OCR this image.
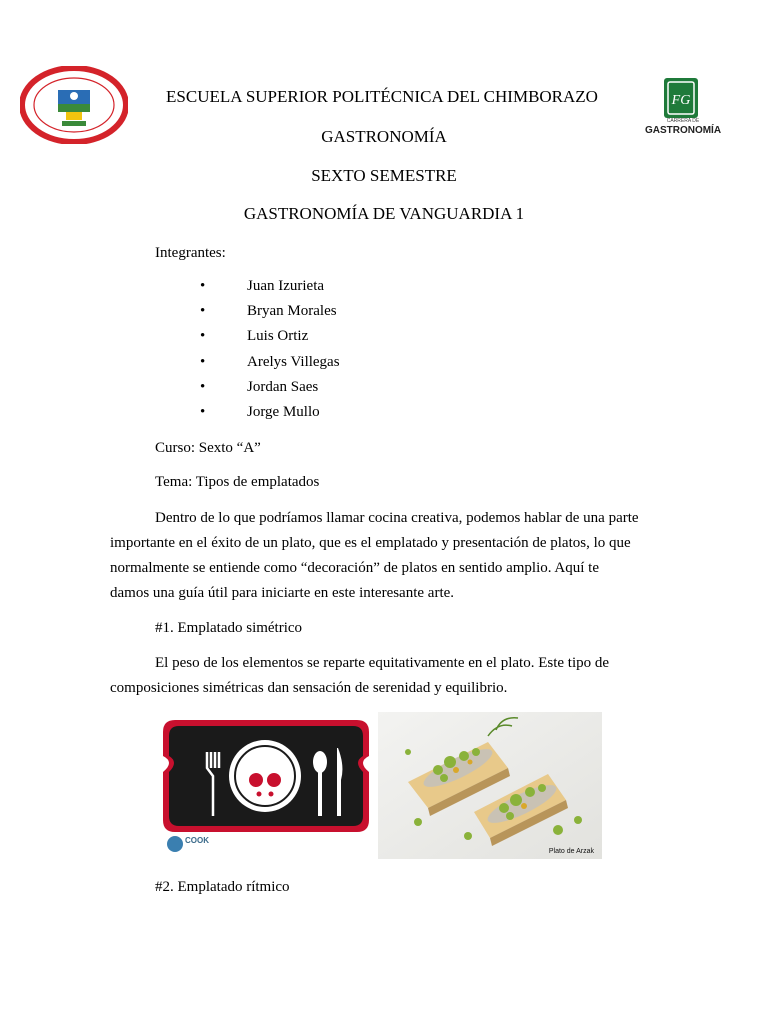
FG
CARRERA DE
GASTRONOMÍA
ESCUELA SUPERIOR POLITÉCNICA DEL CHIMBORAZO
GASTRONOMÍA
SEXTO SEMESTRE
GASTRONOMÍA DE VANGUARDIA 1
Integrantes:
•	Juan Izurieta
•	Bryan Morales
•	Luis Ortiz
•	Arelys Villegas
•	Jordan Saes
•	Jorge Mullo
Curso: Sexto “A”
Tema: Tipos de emplatados
Dentro de lo que podríamos llamar cocina creativa, podemos hablar de una parte
importante en el éxito de un plato, que es el emplatado y presentación de platos, lo que
normalmente se entiende como “decoración” de platos en sentido amplio. Aquí te
damos una guía útil para iniciarte en este interesante arte.
#1. Emplatado simétrico
El peso de los elementos se reparte equitativamente en el plato. Este tipo de
composiciones simétricas dan sensación de serenidad y equilibrio.
COOK
Plato de Arzak
#2. Emplatado rítmico
